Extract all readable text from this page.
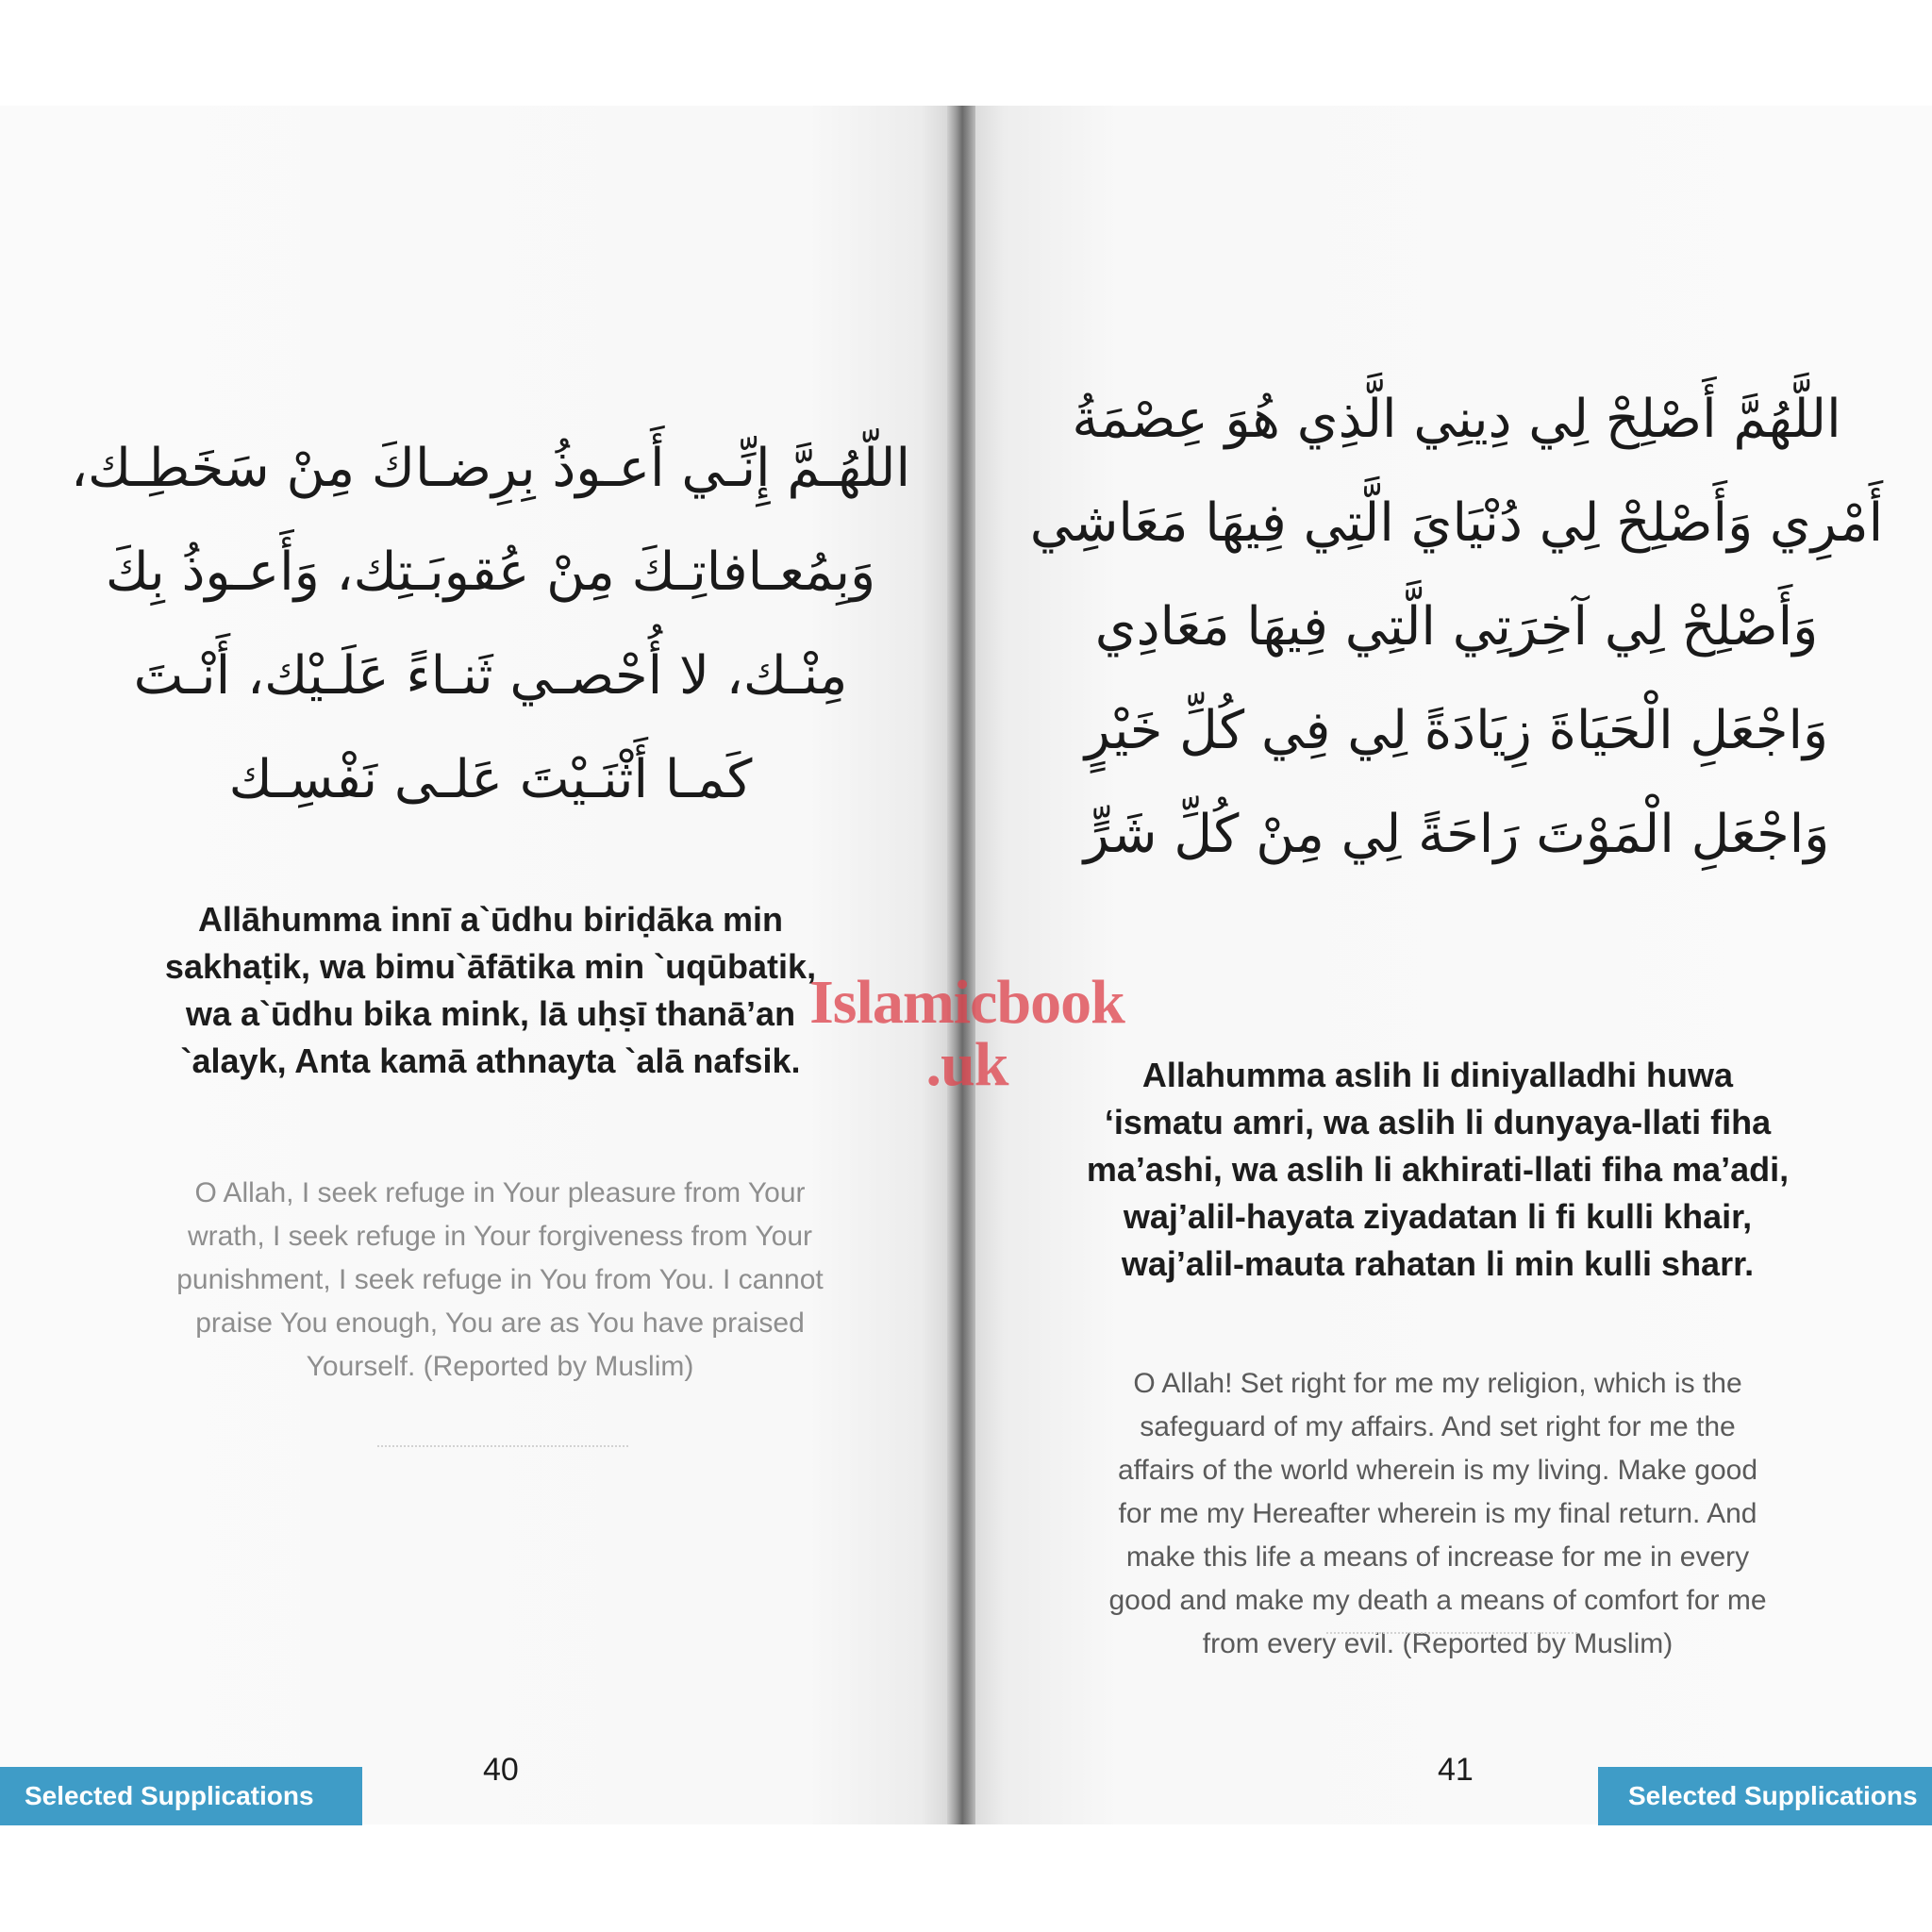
اللّهُـمَّ إِنِّـي أَعـوذُ بِرِضـاكَ مِنْ سَخَطِـك،
وَبِمُعـافاتِـكَ مِنْ عُقوبَـتِك، وَأَعـوذُ بِكَ
مِنْـك، لا أُحْصـي ثَنـاءً عَلَـيْك، أَنْـتَ
كَمـا أَثْنَـيْتَ عَلـى نَفْسِـك
Allāhumma innī a`ūdhu biriḍāka min
sakhaṭik, wa bimu`āfātika min `uqūbatik,
wa a`ūdhu bika mink, lā uḥṣī thanā’an
`alayk, Anta kamā athnayta `alā nafsik.
O Allah, I seek refuge in Your pleasure from Your
wrath, I seek refuge in Your forgiveness from Your
punishment, I seek refuge in You from You. I cannot
praise You enough, You are as You have praised
Yourself. (Reported by Muslim)
Selected Supplications
40
اللَّهُمَّ أَصْلِحْ لِي دِينِي الَّذِي هُوَ عِصْمَةُ
أَمْرِي وَأَصْلِحْ لِي دُنْيَايَ الَّتِي فِيهَا مَعَاشِي
وَأَصْلِحْ لِي آخِرَتِي الَّتِي فِيهَا مَعَادِي
وَاجْعَلِ الْحَيَاةَ زِيَادَةً لِي فِي كُلِّ خَيْرٍ
وَاجْعَلِ الْمَوْتَ رَاحَةً لِي مِنْ كُلِّ شَرٍّ
Allahumma aslih li diniyalladhi huwa
‘ismatu amri, wa aslih li dunyaya-llati fiha
ma’ashi, wa aslih li akhirati-llati fiha ma’adi,
waj’alil-hayata ziyadatan li fi kulli khair,
waj’alil-mauta rahatan li min kulli sharr.
O Allah! Set right for me my religion, which is the
safeguard of my affairs. And set right for me the
affairs of the world wherein is my living. Make good
for me my Hereafter wherein is my final return. And
make this life a means of increase for me in every
good and make my death a means of comfort for me
from every evil. (Reported by Muslim)
41
Selected Supplications
Islamicbook
.uk
